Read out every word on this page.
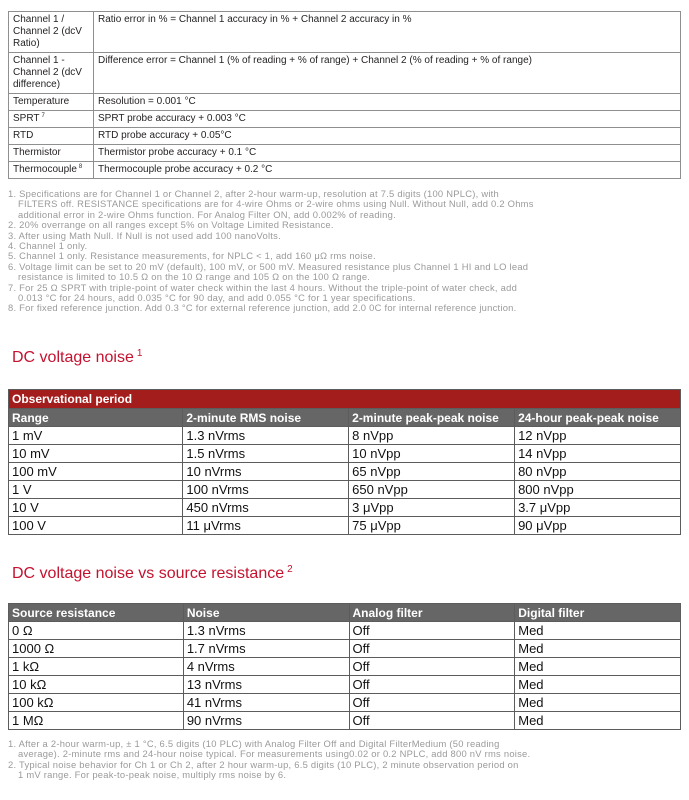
Channel 1 / Channel 2 (dcV Ratio)	Ratio error in % = Channel 1 accuracy in % + Channel 2 accuracy in %
Channel 1 - Channel 2 (dcV difference)	Difference error = Channel 1 (% of reading + % of range) + Channel 2 (% of reading + % of range)
Temperature	Resolution = 0.001 °C
SPRT $^7$	SPRT probe accuracy + 0.003 °C
RTD	RTD probe accuracy + 0.05°C
Thermistor	Thermistor probe accuracy + 0.1 °C
Thermocouple $^8$	Thermocouple probe accuracy + 0.2 °C
1. Specifications are for Channel 1 or Channel 2, after 2-hour warm-up, resolution at 7.5 digits (100 NPLC), with
FILTERS off. RESISTANCE specifications are for 4-wire Ohms or 2-wire ohms using Null. Without Null, add 0.2 Ohms
additional error in 2-wire Ohms function. For Analog Filter ON, add 0.002% of reading.
2. 20% overrange on all ranges except 5% on Voltage Limited Resistance.
3. After using Math Null. If Null is not used add 100 nanoVolts.
4. Channel 1 only.
5. Channel 1 only. Resistance measurements, for NPLC < 1, add 160 μΩ rms noise.
6. Voltage limit can be set to 20 mV (default), 100 mV, or 500 mV. Measured resistance plus Channel 1 HI and LO lead
resistance is limited to 10.5 Ω on the 10 Ω range and 105 Ω on the 100 Ω range.
7. For 25 Ω SPRT with triple-point of water check within the last 4 hours. Without the triple-point of water check, add
0.013 °C for 24 hours, add 0.035 °C for 90 day, and add 0.055 °C for 1 year specifications.
8. For fixed reference junction. Add 0.3 °C for external reference junction, add 2.0 0C for internal reference junction.
DC voltage noise $^1$
Observational period			
Range	2-minute RMS noise	2-minute peak-peak noise	24-hour peak-peak noise
1 mV	1.3 nVrms	8 nVpp	12 nVpp
10 mV	1.5 nVrms	10 nVpp	14 nVpp
100 mV	10 nVrms	65 nVpp	80 nVpp
1 V	100 nVrms	650 nVpp	800 nVpp
10 V	450 nVrms	3 μVpp	3.7 μVpp
100 V	11 μVrms	75 μVpp	90 μVpp
DC voltage noise vs source resistance $^2$
Source resistance	Noise	Analog filter	Digital filter
0 Ω	1.3 nVrms	Off	Med
1000 Ω	1.7 nVrms	Off	Med
1 kΩ	4 nVrms	Off	Med
10 kΩ	13 nVrms	Off	Med
100 kΩ	41 nVrms	Off	Med
1 MΩ	90 nVrms	Off	Med
1. After a 2-hour warm-up, ± 1 °C, 6.5 digits (10 PLC) with Analog Filter Off and Digital FilterMedium (50 reading
average). 2-minute rms and 24-hour noise typical. For measurements using0.02 or 0.2 NPLC, add 800 nV rms noise.
2. Typical noise behavior for Ch 1 or Ch 2, after 2 hour warm-up, 6.5 digits (10 PLC), 2 minute observation period on
1 mV range. For peak-to-peak noise, multiply rms noise by 6.
